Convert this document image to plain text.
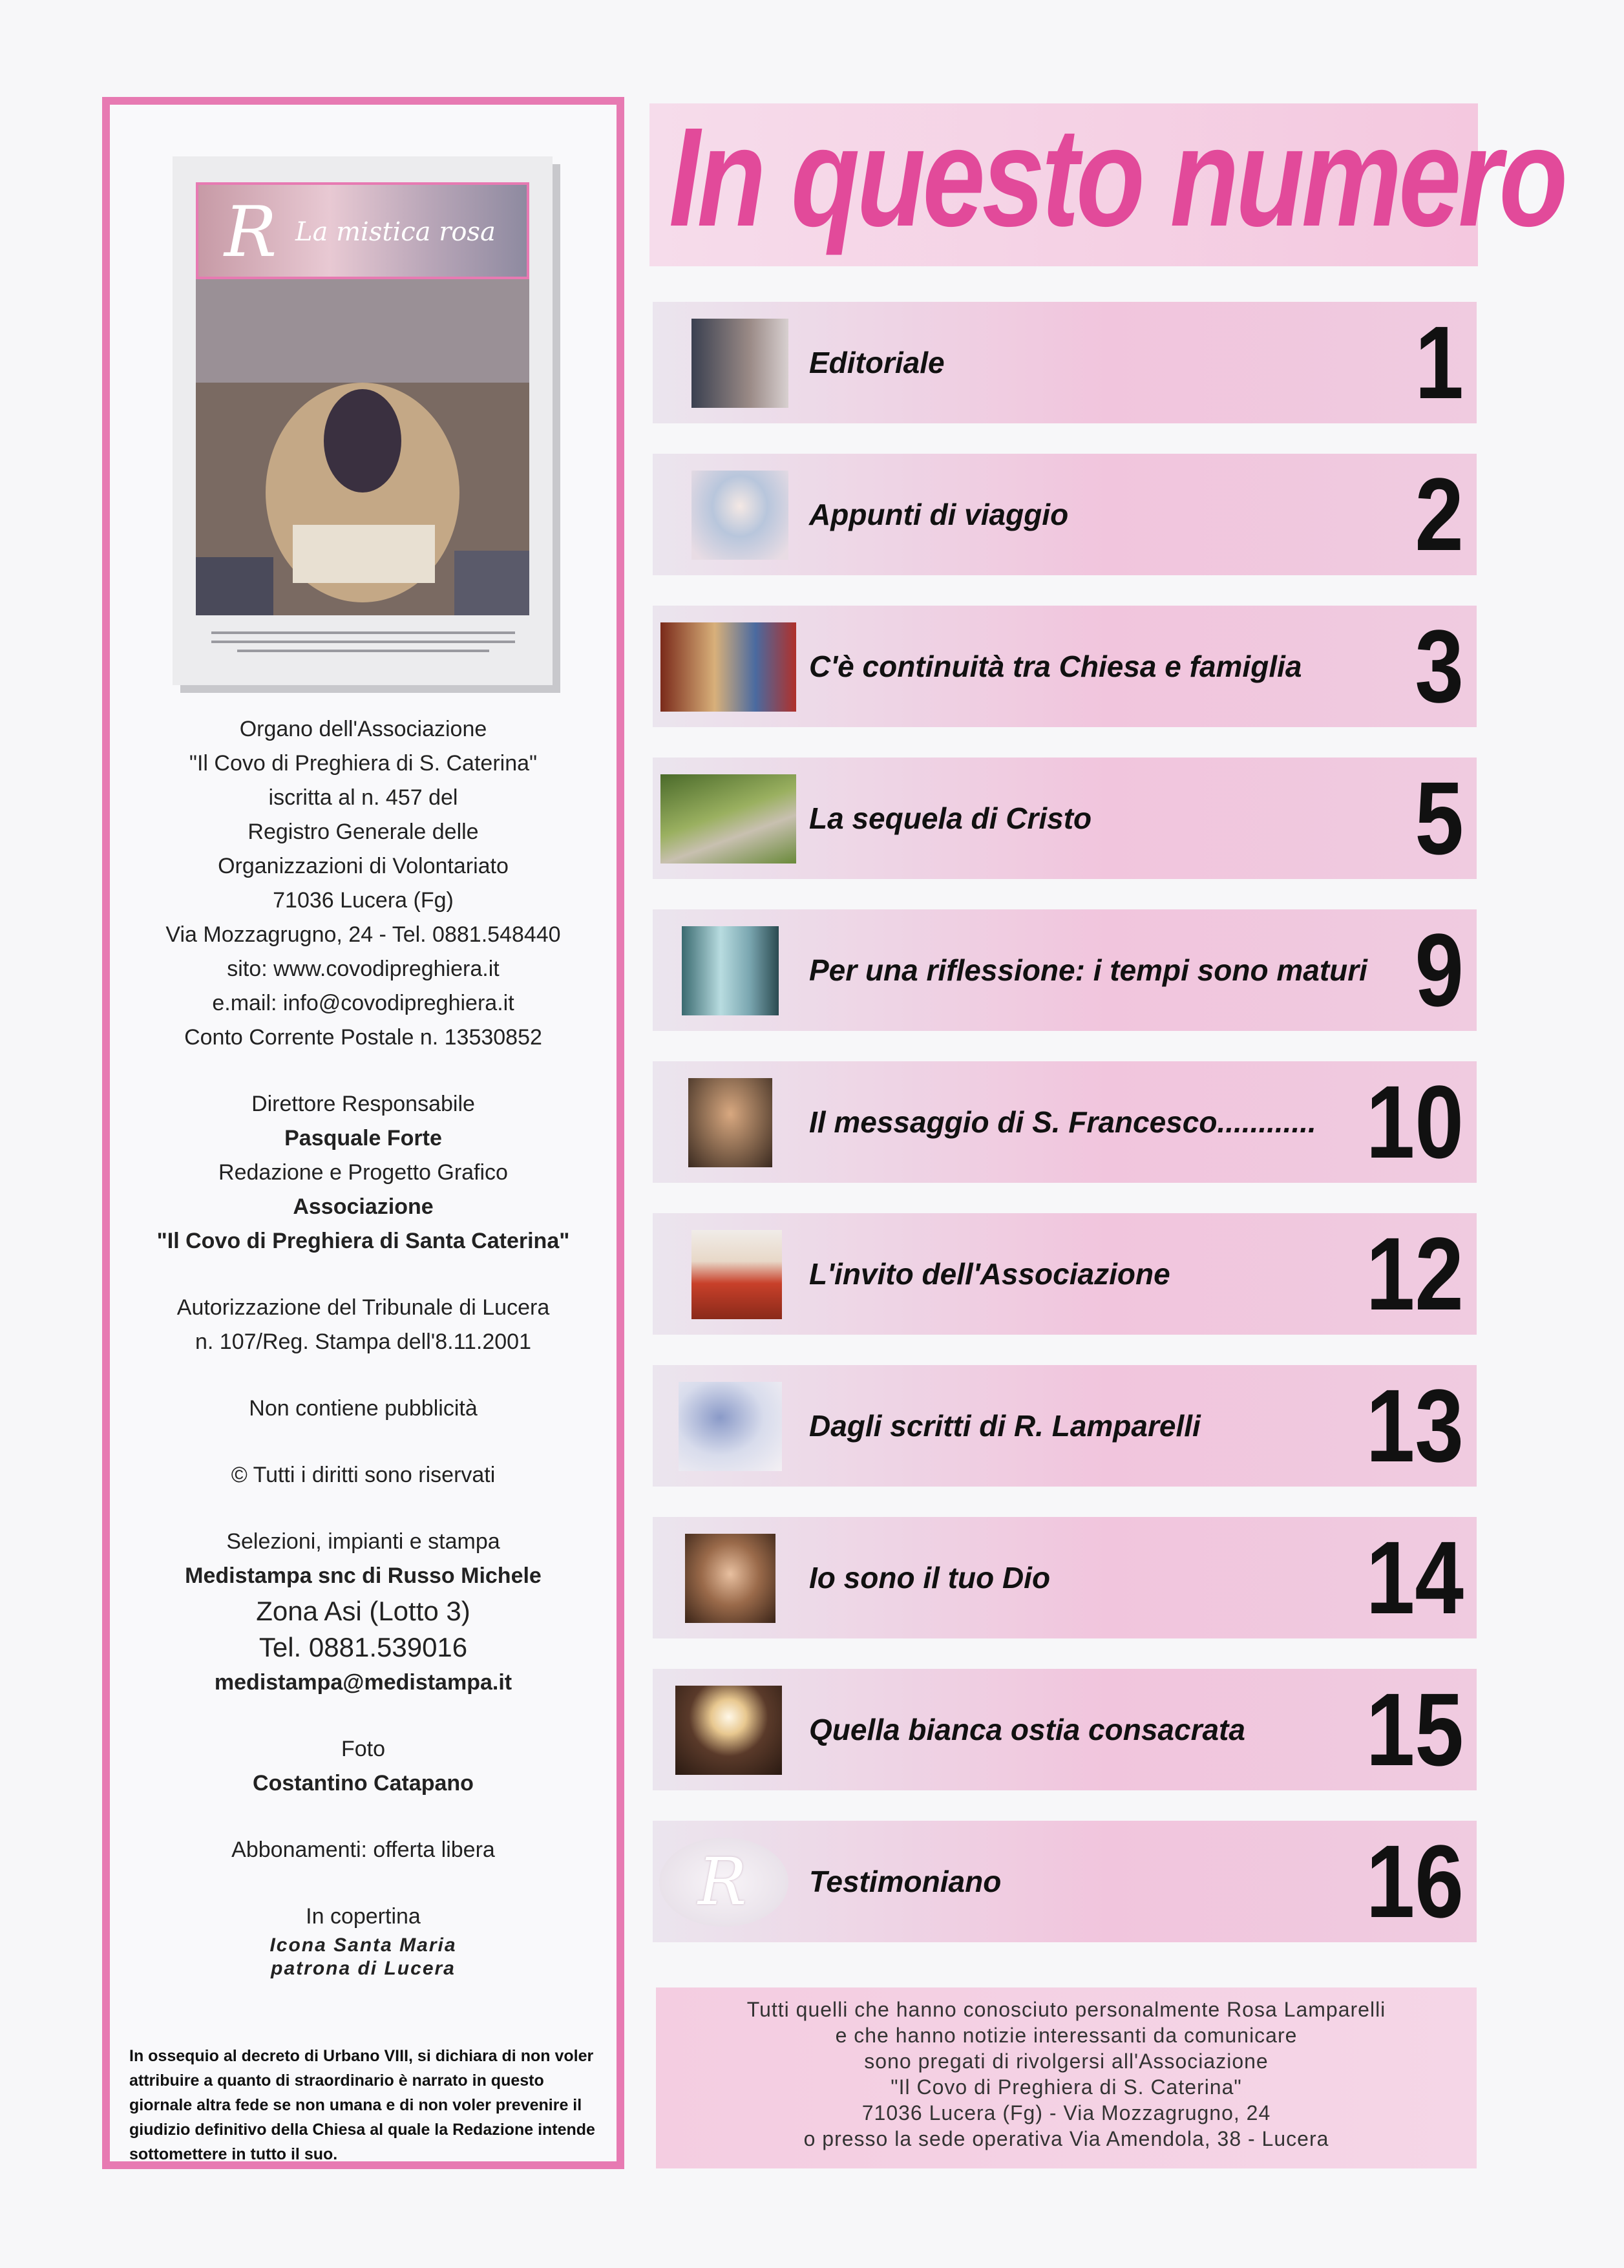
R La mistica rosa
Organo dell'Associazione
"Il Covo di Preghiera di S. Caterina"
iscritta al n. 457 del
Registro Generale delle
Organizzazioni di Volontariato
71036 Lucera (Fg)
Via Mozzagrugno, 24 - Tel. 0881.548440
sito: www.covodipreghiera.it
e.mail: info@covodipreghiera.it
Conto Corrente Postale n. 13530852
Direttore Responsabile
Pasquale Forte
Redazione e Progetto Grafico
Associazione
"Il Covo di Preghiera di Santa Caterina"
Autorizzazione del Tribunale di Lucera
n. 107/Reg. Stampa dell'8.11.2001
Non contiene pubblicità
© Tutti i diritti sono riservati
Selezioni, impianti e stampa
Medistampa snc di Russo Michele
Zona Asi (Lotto 3)
Tel. 0881.539016
medistampa@medistampa.it
Foto
Costantino Catapano
Abbonamenti: offerta libera
In copertina
Icona Santa Maria
patrona di Lucera
In ossequio al decreto di Urbano VIII, si dichiara di non voler attribuire a quanto di straordinario è narrato in questo giornale altra fede se non umana e di non voler prevenire il giudizio definitivo della Chiesa al quale la Redazione intende sottomettere in tutto il suo.
In questo numero
Editoriale	1
Appunti di viaggio	2
C'è continuità tra Chiesa e famiglia 3
La sequela di Cristo	5
Per una riflessione: i tempi sono maturi 9
Il messaggio di S. Francesco............ 10
L'invito dell'Associazione 12
Dagli scritti di R. Lamparelli 13
Io sono il tuo Dio	14
Quella bianca ostia consacrata 15
R Testimoniano	16
Tutti quelli che hanno conosciuto personalmente Rosa Lamparelli
e che hanno notizie interessanti da comunicare
sono pregati di rivolgersi all'Associazione
"Il Covo di Preghiera di S. Caterina"
71036 Lucera (Fg) - Via Mozzagrugno, 24
o presso la sede operativa Via Amendola, 38 - Lucera
